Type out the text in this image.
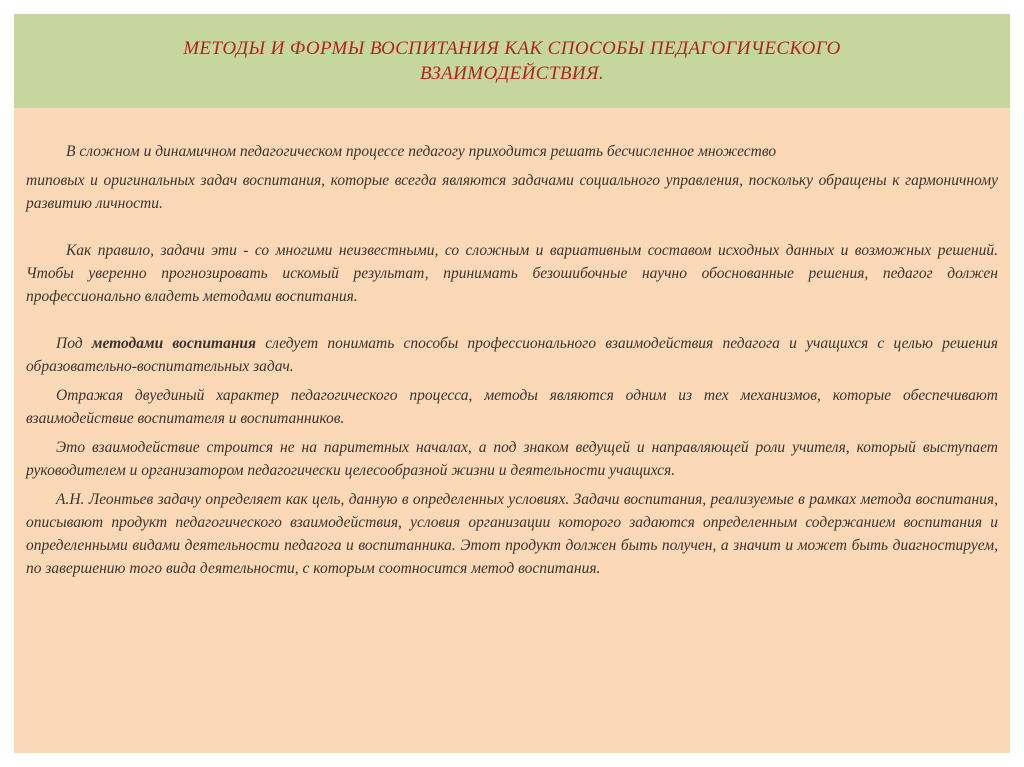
МЕТОДЫ И ФОРМЫ ВОСПИТАНИЯ КАК СПОСОБЫ ПЕДАГОГИЧЕСКОГО
ВЗАИМОДЕЙСТВИЯ.

В сложном и динамичном педагогическом процессе педагогу приходится решать бесчисленное множество

типовых и оригинальных задач воспитания, которые всегда являются задачами социального управления, поскольку обращены к гармоничному развитию личности.

Как правило, задачи эти - со многими неизвестными, со сложным и вариативным составом исходных данных и возможных решений. Чтобы уверенно прогнозировать искомый результат, принимать безошибочные научно обоснованные решения, педагог должен профессионально владеть методами воспитания.

Под методами воспитания следует понимать способы профессионального взаимодействия педагога и учащихся с целью решения образовательно-воспитательных задач.

Отражая двуединый характер педагогического процесса, методы являются одним из тех механизмов, которые обеспечивают взаимодействие воспитателя и воспитанников.

Это взаимодействие строится не на паритетных началах, а под знаком ведущей и направляющей роли учителя, который выступает руководителем и организатором педагогически целесообразной жизни и деятельности учащихся.

А.Н. Леонтьев задачу определяет как цель, данную в определенных условиях. Задачи воспитания, реализуемые в рамках метода воспитания, описывают продукт педагогического взаимодействия, условия организации которого задаются определенным содержанием воспитания и определенными видами деятельности педагога и воспитанника. Этот продукт должен быть получен, а значит и может быть диагностируем, по завершению того вида деятельности, с которым соотносится метод воспитания.
